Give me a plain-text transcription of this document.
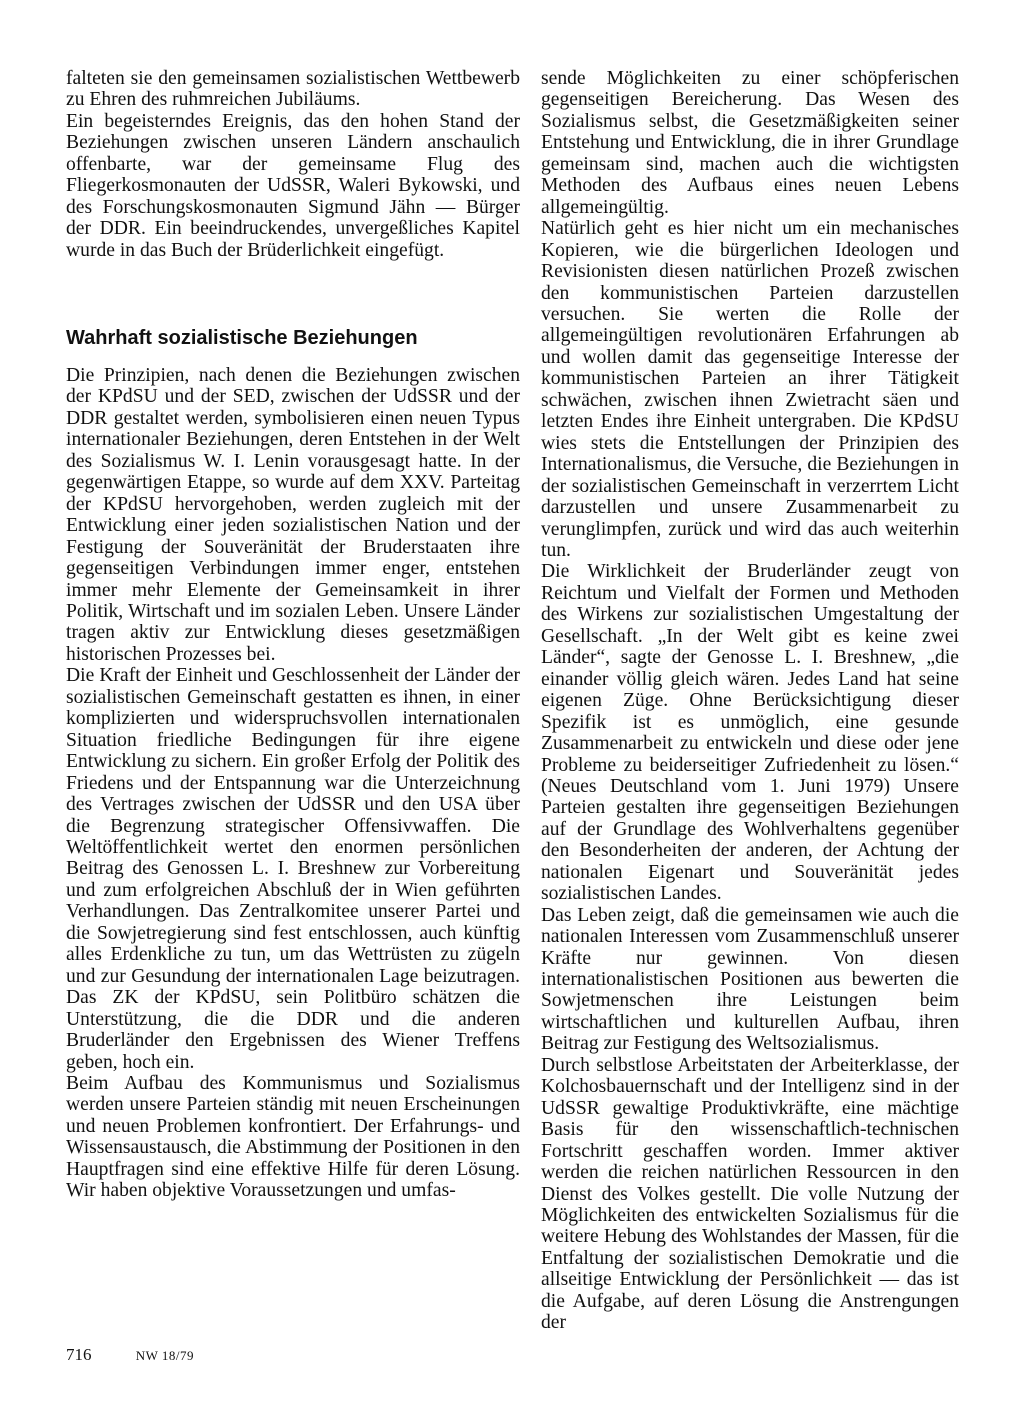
falteten sie den gemeinsamen sozialistischen Wettbewerb zu Ehren des ruhmreichen Jubiläums.

Ein begeisterndes Ereignis, das den hohen Stand der Beziehungen zwischen unseren Ländern anschaulich offenbarte, war der gemeinsame Flug des Fliegerkosmonauten der UdSSR, Waleri Bykowski, und des Forschungskosmonauten Sigmund Jähn — Bürger der DDR. Ein beeindruckendes, unvergeßliches Kapitel wurde in das Buch der Brüderlichkeit eingefügt.

Wahrhaft sozialistische Beziehungen

Die Prinzipien, nach denen die Beziehungen zwischen der KPdSU und der SED, zwischen der UdSSR und der DDR gestaltet werden, symbolisieren einen neuen Typus internationaler Beziehungen, deren Entstehen in der Welt des Sozialismus W. I. Lenin vorausgesagt hatte. In der gegenwärtigen Etappe, so wurde auf dem XXV. Parteitag der KPdSU hervorgehoben, werden zugleich mit der Entwicklung einer jeden sozialistischen Nation und der Festigung der Souveränität der Bruderstaaten ihre gegenseitigen Verbindungen immer enger, entstehen immer mehr Elemente der Gemeinsamkeit in ihrer Politik, Wirtschaft und im sozialen Leben. Unsere Länder tragen aktiv zur Entwicklung dieses gesetzmäßigen historischen Prozesses bei.

Die Kraft der Einheit und Geschlossenheit der Länder der sozialistischen Gemeinschaft gestatten es ihnen, in einer komplizierten und widerspruchsvollen internationalen Situation friedliche Bedingungen für ihre eigene Entwicklung zu sichern. Ein großer Erfolg der Politik des Friedens und der Entspannung war die Unterzeichnung des Vertrages zwischen der UdSSR und den USA über die Begrenzung strategischer Offensivwaffen. Die Weltöffentlichkeit wertet den enormen persönlichen Beitrag des Genossen L. I. Breshnew zur Vorbereitung und zum erfolgreichen Abschluß der in Wien geführten Verhandlungen. Das Zentralkomitee unserer Partei und die Sowjetregierung sind fest entschlossen, auch künftig alles Erdenkliche zu tun, um das Wettrüsten zu zügeln und zur Gesundung der internationalen Lage beizutragen. Das ZK der KPdSU, sein Politbüro schätzen die Unterstützung, die die DDR und die anderen Bruderländer den Ergebnissen des Wiener Treffens geben, hoch ein.

Beim Aufbau des Kommunismus und Sozialismus werden unsere Parteien ständig mit neuen Erscheinungen und neuen Problemen konfrontiert. Der Erfahrungs- und Wissensaustausch, die Abstimmung der Positionen in den Hauptfragen sind eine effektive Hilfe für deren Lösung. Wir haben objektive Voraussetzungen und umfas-

sende Möglichkeiten zu einer schöpferischen gegenseitigen Bereicherung. Das Wesen des Sozialismus selbst, die Gesetzmäßigkeiten seiner Entstehung und Entwicklung, die in ihrer Grundlage gemeinsam sind, machen auch die wichtigsten Methoden des Aufbaus eines neuen Lebens allgemeingültig.

Natürlich geht es hier nicht um ein mechanisches Kopieren, wie die bürgerlichen Ideologen und Revisionisten diesen natürlichen Prozeß zwischen den kommunistischen Parteien darzustellen versuchen. Sie werten die Rolle der allgemeingültigen revolutionären Erfahrungen ab und wollen damit das gegenseitige Interesse der kommunistischen Parteien an ihrer Tätigkeit schwächen, zwischen ihnen Zwietracht säen und letzten Endes ihre Einheit untergraben. Die KPdSU wies stets die Entstellungen der Prinzipien des Internationalismus, die Versuche, die Beziehungen in der sozialistischen Gemeinschaft in verzerrtem Licht darzustellen und unsere Zusammenarbeit zu verunglimpfen, zurück und wird das auch weiterhin tun.

Die Wirklichkeit der Bruderländer zeugt von Reichtum und Vielfalt der Formen und Methoden des Wirkens zur sozialistischen Umgestaltung der Gesellschaft. „In der Welt gibt es keine zwei Länder“, sagte der Genosse L. I. Breshnew, „die einander völlig gleich wären. Jedes Land hat seine eigenen Züge. Ohne Berücksichtigung dieser Spezifik ist es unmöglich, eine gesunde Zusammenarbeit zu entwickeln und diese oder jene Probleme zu beiderseitiger Zufriedenheit zu lösen.“ (Neues Deutschland vom 1. Juni 1979) Unsere Parteien gestalten ihre gegenseitigen Beziehungen auf der Grundlage des Wohlverhaltens gegenüber den Besonderheiten der anderen, der Achtung der nationalen Eigenart und Souveränität jedes sozialistischen Landes.

Das Leben zeigt, daß die gemeinsamen wie auch die nationalen Interessen vom Zusammenschluß unserer Kräfte nur gewinnen. Von diesen internationalistischen Positionen aus bewerten die Sowjetmenschen ihre Leistungen beim wirtschaftlichen und kulturellen Aufbau, ihren Beitrag zur Festigung des Weltsozialismus.

Durch selbstlose Arbeitstaten der Arbeiterklasse, der Kolchosbauernschaft und der Intelligenz sind in der UdSSR gewaltige Produktivkräfte, eine mächtige Basis für den wissenschaftlich-technischen Fortschritt geschaffen worden. Immer aktiver werden die reichen natürlichen Ressourcen in den Dienst des Volkes gestellt. Die volle Nutzung der Möglichkeiten des entwickelten Sozialismus für die weitere Hebung des Wohlstandes der Massen, für die Entfaltung der sozialistischen Demokratie und die allseitige Entwicklung der Persönlichkeit — das ist die Aufgabe, auf deren Lösung die Anstrengungen der

716	NW 18/79
